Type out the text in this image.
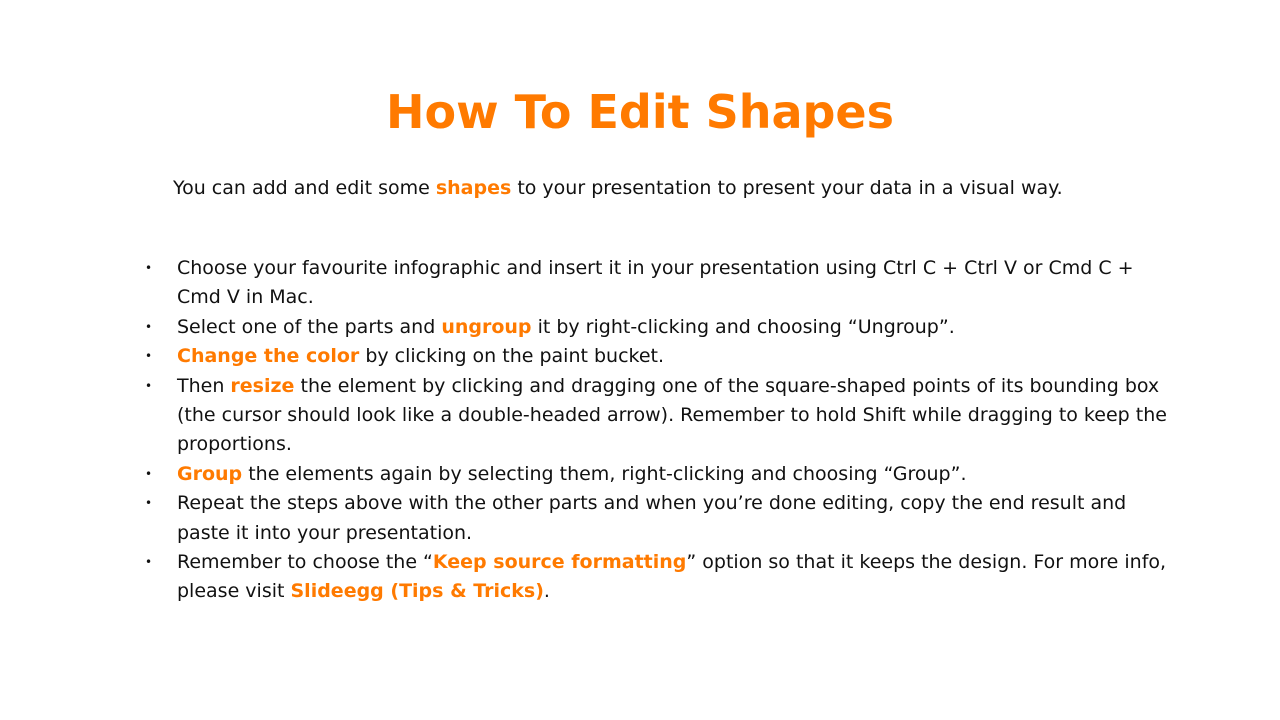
How To Edit Shapes

You can add and edit some shapes to your presentation to present your data in a visual way.

• Choose your favourite infographic and insert it in your presentation using Ctrl C + Ctrl V or Cmd C + Cmd V in Mac.
• Select one of the parts and ungroup it by right-clicking and choosing “Ungroup”.
• Change the color by clicking on the paint bucket.
• Then resize the element by clicking and dragging one of the square-shaped points of its bounding box (the cursor should look like a double-headed arrow). Remember to hold Shift while dragging to keep the proportions.
• Group the elements again by selecting them, right-clicking and choosing “Group”.
• Repeat the steps above with the other parts and when you’re done editing, copy the end result and paste it into your presentation.
• Remember to choose the “Keep source formatting” option so that it keeps the design. For more info, please visit Slideegg (Tips & Tricks).
